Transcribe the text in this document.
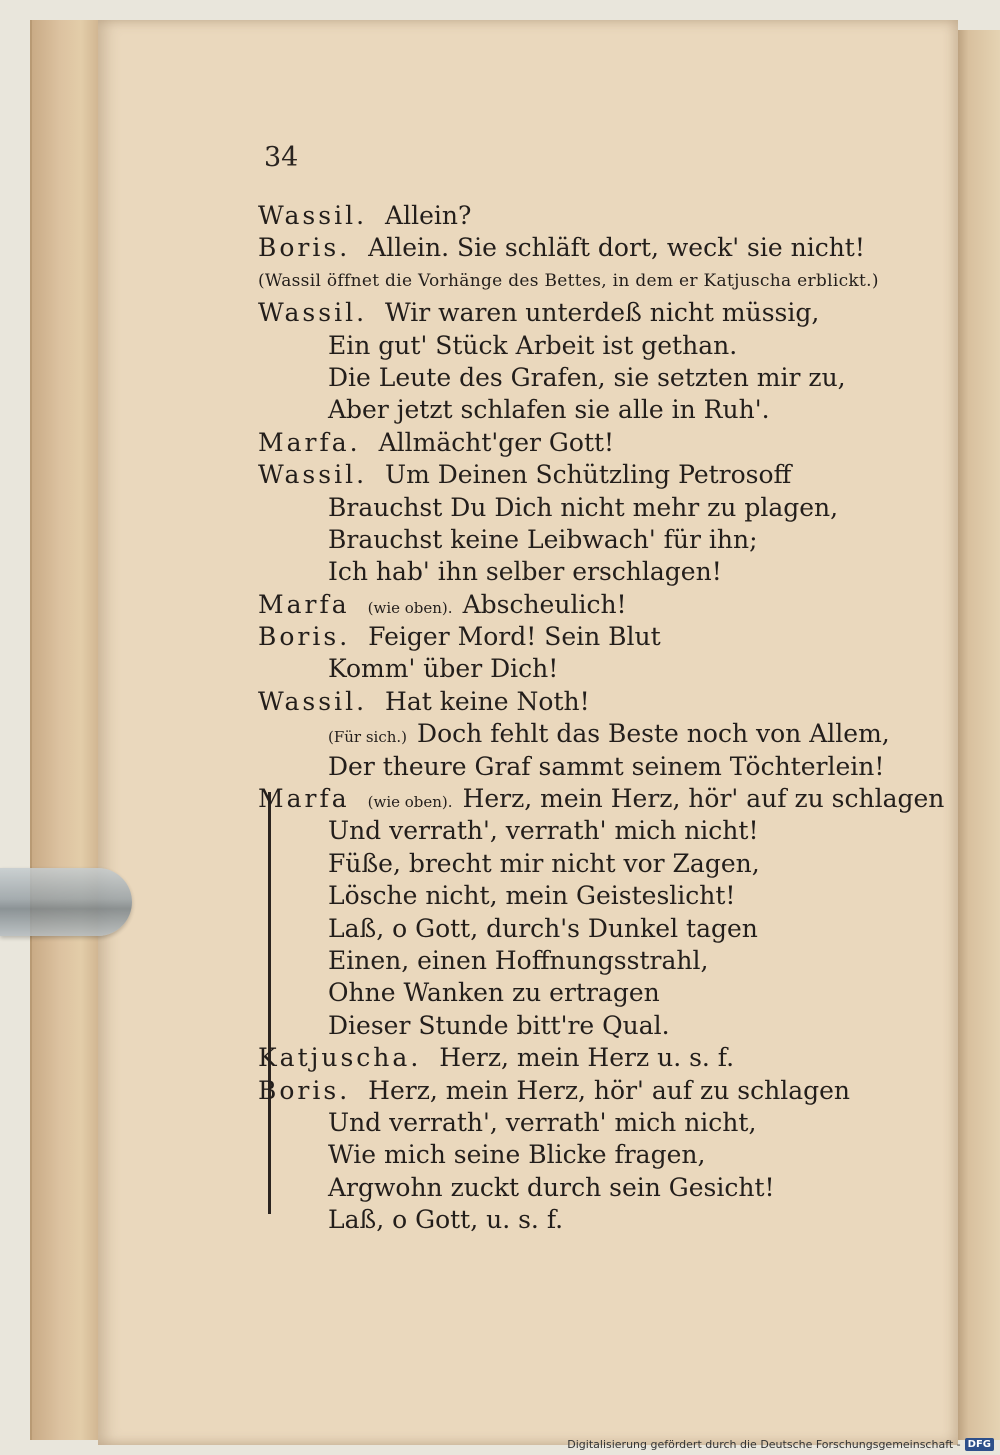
34
Wassil. Allein?
Boris. Allein. Sie schläft dort, weck' sie nicht!
(Wassil öffnet die Vorhänge des Bettes, in dem er Katjuscha erblickt.)
Wassil. Wir waren unterdeß nicht müssig,
Ein gut' Stück Arbeit ist gethan.
Die Leute des Grafen, sie setzten mir zu,
Aber jetzt schlafen sie alle in Ruh'.
Marfa. Allmächt'ger Gott!
Wassil. Um Deinen Schützling Petrosoff
Brauchst Du Dich nicht mehr zu plagen,
Brauchst keine Leibwach' für ihn;
Ich hab' ihn selber erschlagen!
Marfa (wie oben). Abscheulich!
Boris. Feiger Mord! Sein Blut
Komm' über Dich!
Wassil. Hat keine Noth!
(Für sich.) Doch fehlt das Beste noch von Allem,
Der theure Graf sammt seinem Töchterlein!
Marfa (wie oben). Herz, mein Herz, hör' auf zu schlagen
Und verrath', verrath' mich nicht!
Füße, brecht mir nicht vor Zagen,
Lösche nicht, mein Geisteslicht!
Laß, o Gott, durch's Dunkel tagen
Einen, einen Hoffnungsstrahl,
Ohne Wanken zu ertragen
Dieser Stunde bitt're Qual.
Katjuscha. Herz, mein Herz u. s. f.
Boris. Herz, mein Herz, hör' auf zu schlagen
Und verrath', verrath' mich nicht,
Wie mich seine Blicke fragen,
Argwohn zuckt durch sein Gesicht!
Laß, o Gott, u. s. f.
Digitalisierung gefördert durch die Deutsche Forschungsgemeinschaft - DFG
